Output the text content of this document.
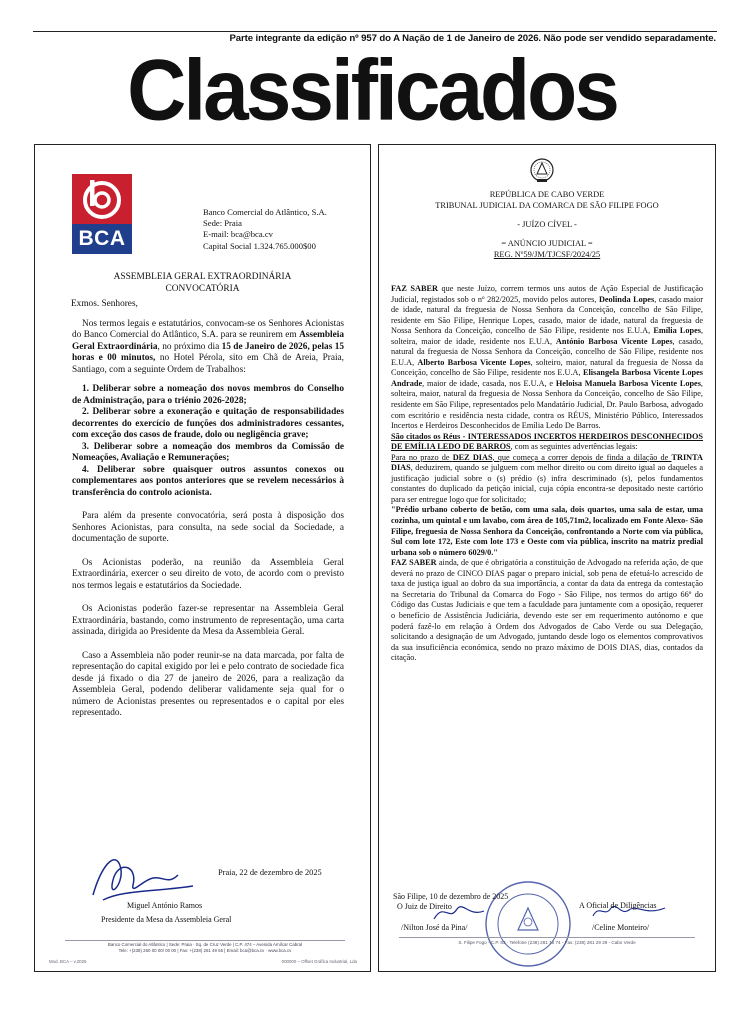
Parte integrante da edição nº 957 do A Nação de 1 de Janeiro de 2026. Não pode ser vendido separadamente.
Classificados
BCA
Banco Comercial do Atlântico, S.A.
Sede: Praia
E-mail: bca@bca.cv
Capital Social 1.324.765.000$00
ASSEMBLEIA GERAL EXTRAORDINÁRIA
CONVOCATÓRIA

Exmos. Senhores,

Nos termos legais e estatutários, convocam-se os Senhores Acionistas do Banco Comercial do Atlântico, S.A. para se reunirem em Assembleia Geral Extraordinária, no próximo dia 15 de Janeiro de 2026, pelas 15 horas e 00 minutos, no Hotel Pérola, sito em Chã de Areia, Praia, Santiago, com a seguinte Ordem de Trabalhos:

1. Deliberar sobre a nomeação dos novos membros do Conselho de Administração, para o triénio 2026-2028;

2. Deliberar sobre a exoneração e quitação de responsabilidades decorrentes do exercício de funções dos administradores cessantes, com exceção dos casos de fraude, dolo ou negligência grave;

3. Deliberar sobre a nomeação dos membros da Comissão de Nomeações, Avaliação e Remunerações;

4. Deliberar sobre quaisquer outros assuntos conexos ou complementares aos pontos anteriores que se revelem necessários à transferência do controlo acionista.

Para além da presente convocatória, será posta à disposição dos Senhores Acionistas, para consulta, na sede social da Sociedade, a documentação de suporte.

Os Acionistas poderão, na reunião da Assembleia Geral Extraordinária, exercer o seu direito de voto, de acordo com o previsto nos termos legais e estatutários da Sociedade.

Os Acionistas poderão fazer-se representar na Assembleia Geral Extraordinária, bastando, como instrumento de representação, uma carta assinada, dirigida ao Presidente da Mesa da Assembleia Geral.

Caso a Assembleia não poder reunir-se na data marcada, por falta de representação do capital exigido por lei e pelo contrato de sociedade fica desde já fixado o dia 27 de janeiro de 2026, para a realização da Assembleia Geral, podendo deliberar validamente seja qual for o número de Acionistas presentes ou representados e o capital por eles representado.

Praia, 22 de dezembro de 2025
Miguel António Ramos
Presidente da Mesa da Assembleia Geral
Banco Comercial do Atlântico | Sede: Praia · Sq. de Cruz Verde | C.P. 474 – Avenida Amílcar Cabral
Tele: +(238) 260 00 00/ 00 00 | Fax: +(238) 261 49 55 | Email: bca@bca.cv · www.bca.cv
Mod. BCA – v.2025	000000 – Offset Gráfica Industrial, Lda
REPÚBLICA DE CABO VERDE
TRIBUNAL JUDICIAL DA COMARCA DE SÃO FILIPE FOGO
- JUÍZO CÍVEL -
= ANÚNCIO JUDICIAL =
REG. Nº59/JM/TJCSF/2024/25

FAZ SABER que neste Juízo, correm termos uns autos de Ação Especial de Justificação Judicial, registados sob o nº 282/2025, movido pelos autores, Deolinda Lopes, casado maior de idade, natural da freguesia de Nossa Senhora da Conceição, concelho de São Filipe, residente em São Filipe, Henrique Lopes, casado, maior de idade, natural da freguesia de Nossa Senhora da Conceição, concelho de São Filipe, residente nos E.U.A, Emília Lopes, solteira, maior de idade, residente nos E.U.A, António Barbosa Vicente Lopes, casado, natural da freguesia de Nossa Senhora da Conceição, concelho de São Filipe, residente nos E.U.A, Alberto Barbosa Vicente Lopes, solteiro, maior, natural da freguesia de Nossa da Conceição, concelho de São Filipe, residente nos E.U.A, Elisangela Barbosa Vicente Lopes Andrade, maior de idade, casada, nos E.U.A, e Heloisa Manuela Barbosa Vicente Lopes, solteira, maior, natural da freguesia de Nossa Senhora da Conceição, concelho de São Filipe, residente em São Filipe, representados pelo Mandatário Judicial, Dr. Paulo Barbosa, advogado com escritório e residência nesta cidade, contra os RÉUS, Ministério Público, Interessados Incertos e Herdeiros Desconhecidos de Emília Ledo De Barros.

São citados os Réus - INTERESSADOS INCERTOS HERDEIROS DESCONHECIDOS DE EMÍLIA LEDO DE BARROS, com as seguintes advertências legais:

Para no prazo de DEZ DIAS, que começa a correr depois de finda a dilação de TRINTA DIAS, deduzirem, quando se julguem com melhor direito ou com direito igual ao daqueles a justificação judicial sobre o (s) prédio (s) infra descriminado (s), pelos fundamentos constantes do duplicado da petição inicial, cuja cópia encontra-se depositado neste cartório para ser entregue logo que for solicitado;

"Prédio urbano coberto de betão, com uma sala, dois quartos, uma sala de estar, uma cozinha, um quintal e um lavabo, com área de 105,71m2, localizado em Fonte Alexo- São Filipe, freguesia de Nossa Senhora da Conceição, confrontando a Norte com via pública, Sul com lote 172, Este com lote 173 e Oeste com via pública, inscrito na matriz predial urbana sob o número 6029/0."

FAZ SABER ainda, de que é obrigatória a constituição de Advogado na referida ação, de que deverá no prazo de CINCO DIAS pagar o preparo inicial, sob pena de efetuá-lo acrescido de taxa de justiça igual ao dobro da sua importância, a contar da data da entrega da contestação na Secretaria do Tribunal da Comarca do Fogo - São Filipe, nos termos do artigo 66º do Código das Custas Judiciais e que tem a faculdade para juntamente com a oposição, requerer o benefício de Assistência Judiciária, devendo este ser em requerimento autónomo e que poderá fazê-lo em relação à Ordem dos Advogados de Cabo Verde ou sua Delegação, solicitando a designação de um Advogado, juntando desde logo os elementos comprovativos da sua insuficiência económica, sendo no prazo máximo de DOIS DIAS, dias, contados da citação.

São Filipe, 10 de dezembro de 2025
O Juiz de Direito
/Nilton José da Pina/
A Oficial de Diligências
/Celine Monteiro/
S. Filipe Fogo - C.P. 83 · Telefone (238) 281 16 74 - Fax: (238) 281 29 29 - Cabo Verde
